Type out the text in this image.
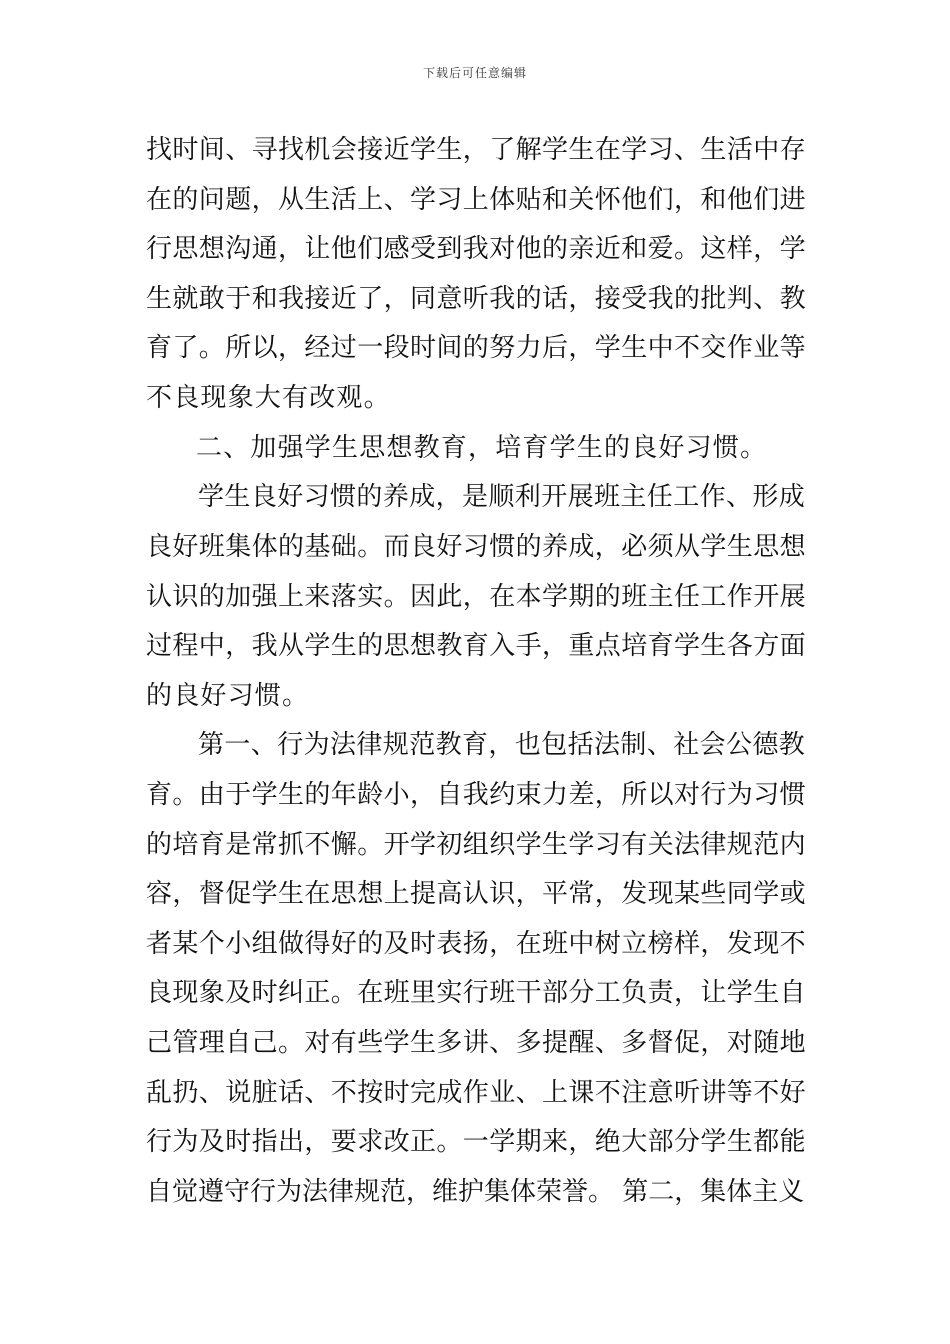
下载后可任意编辑
找时间、寻找机会接近学生，了解学生在学习、生活中存
在的问题，从生活上、学习上体贴和关怀他们，和他们进
行思想沟通，让他们感受到我对他的亲近和爱。这样，学
生就敢于和我接近了，同意听我的话，接受我的批判、教
育了。所以，经过一段时间的努力后，学生中不交作业等
不良现象大有改观。
二、加强学生思想教育，培育学生的良好习惯。
学生良好习惯的养成，是顺利开展班主任工作、形成
良好班集体的基础。而良好习惯的养成，必须从学生思想
认识的加强上来落实。因此，在本学期的班主任工作开展
过程中，我从学生的思想教育入手，重点培育学生各方面
的良好习惯。
第一、行为法律规范教育，也包括法制、社会公德教
育。由于学生的年龄小，自我约束力差，所以对行为习惯
的培育是常抓不懈。开学初组织学生学习有关法律规范内
容，督促学生在思想上提高认识，平常，发现某些同学或
者某个小组做得好的及时表扬，在班中树立榜样，发现不
良现象及时纠正。在班里实行班干部分工负责，让学生自
己管理自己。对有些学生多讲、多提醒、多督促，对随地
乱扔、说脏话、不按时完成作业、上课不注意听讲等不好
行为及时指出，要求改正。一学期来，绝大部分学生都能
自觉遵守行为法律规范，维护集体荣誉。 第二，集体主义
